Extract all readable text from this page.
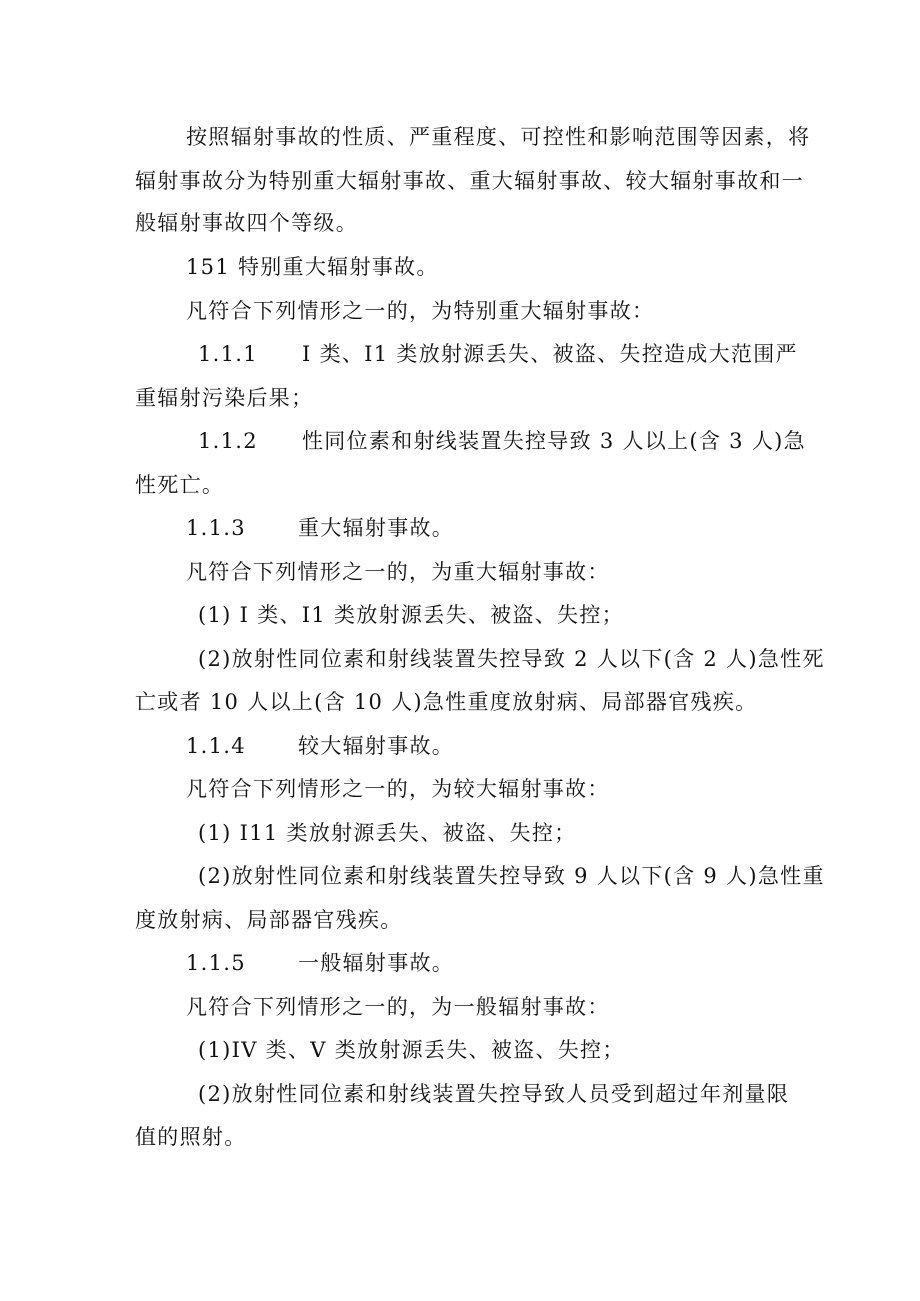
按照辐射事故的性质、严重程度、可控性和影响范围等因素，将
辐射事故分为特别重大辐射事故、重大辐射事故、较大辐射事故和一
般辐射事故四个等级。
151 特别重大辐射事故。
凡符合下列情形之一的，为特别重大辐射事故：
1.1.1 I 类、I1 类放射源丢失、被盗、失控造成大范围严
重辐射污染后果；
1.1.2 性同位素和射线装置失控导致 3 人以上(含 3 人)急
性死亡。
1.1.3 重大辐射事故。
凡符合下列情形之一的，为重大辐射事故：
(1) I 类、I1 类放射源丢失、被盗、失控；
(2)放射性同位素和射线装置失控导致 2 人以下(含 2 人)急性死
亡或者 10 人以上(含 10 人)急性重度放射病、局部器官残疾。
1.1.4 较大辐射事故。
凡符合下列情形之一的，为较大辐射事故：
(1) I11 类放射源丢失、被盗、失控；
(2)放射性同位素和射线装置失控导致 9 人以下(含 9 人)急性重
度放射病、局部器官残疾。
1.1.5 一般辐射事故。
凡符合下列情形之一的，为一般辐射事故：
(1)IV 类、V 类放射源丢失、被盗、失控；
(2)放射性同位素和射线装置失控导致人员受到超过年剂量限
值的照射。
